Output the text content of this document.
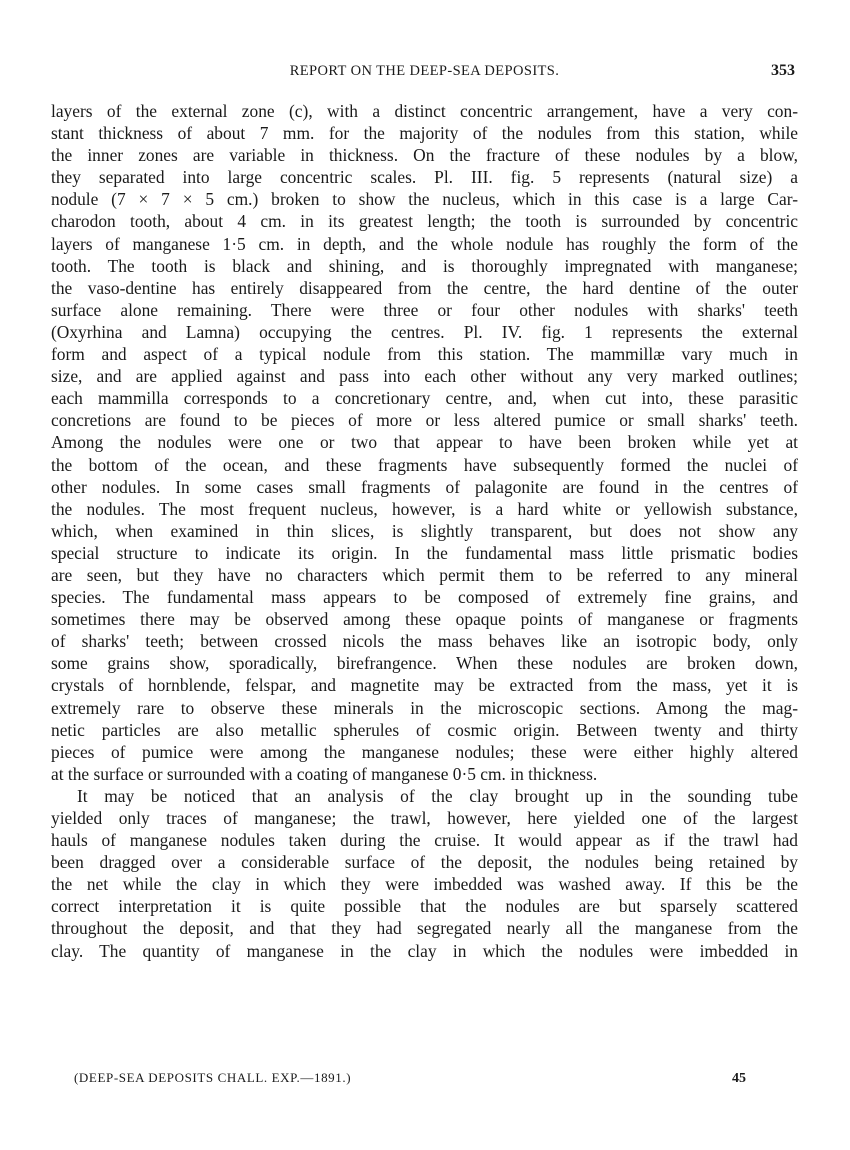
REPORT ON THE DEEP-SEA DEPOSITS.	353
layers of the external zone (c), with a distinct concentric arrangement, have a very con-
stant thickness of about 7 mm. for the majority of the nodules from this station, while
the inner zones are variable in thickness. On the fracture of these nodules by a blow,
they separated into large concentric scales. Pl. III. fig. 5 represents (natural size) a
nodule (7 × 7 × 5 cm.) broken to show the nucleus, which in this case is a large Car-
charodon tooth, about 4 cm. in its greatest length; the tooth is surrounded by concentric
layers of manganese 1·5 cm. in depth, and the whole nodule has roughly the form of the
tooth. The tooth is black and shining, and is thoroughly impregnated with manganese;
the vaso-dentine has entirely disappeared from the centre, the hard dentine of the outer
surface alone remaining. There were three or four other nodules with sharks' teeth
(Oxyrhina and Lamna) occupying the centres. Pl. IV. fig. 1 represents the external
form and aspect of a typical nodule from this station. The mammillæ vary much in
size, and are applied against and pass into each other without any very marked outlines;
each mammilla corresponds to a concretionary centre, and, when cut into, these parasitic
concretions are found to be pieces of more or less altered pumice or small sharks' teeth.
Among the nodules were one or two that appear to have been broken while yet at
the bottom of the ocean, and these fragments have subsequently formed the nuclei of
other nodules. In some cases small fragments of palagonite are found in the centres of
the nodules. The most frequent nucleus, however, is a hard white or yellowish substance,
which, when examined in thin slices, is slightly transparent, but does not show any
special structure to indicate its origin. In the fundamental mass little prismatic bodies
are seen, but they have no characters which permit them to be referred to any mineral
species. The fundamental mass appears to be composed of extremely fine grains, and
sometimes there may be observed among these opaque points of manganese or fragments
of sharks' teeth; between crossed nicols the mass behaves like an isotropic body, only
some grains show, sporadically, birefrangence. When these nodules are broken down,
crystals of hornblende, felspar, and magnetite may be extracted from the mass, yet it is
extremely rare to observe these minerals in the microscopic sections. Among the mag-
netic particles are also metallic spherules of cosmic origin. Between twenty and thirty
pieces of pumice were among the manganese nodules; these were either highly altered
at the surface or surrounded with a coating of manganese 0·5 cm. in thickness.
It may be noticed that an analysis of the clay brought up in the sounding tube
yielded only traces of manganese; the trawl, however, here yielded one of the largest
hauls of manganese nodules taken during the cruise. It would appear as if the trawl had
been dragged over a considerable surface of the deposit, the nodules being retained by
the net while the clay in which they were imbedded was washed away. If this be the
correct interpretation it is quite possible that the nodules are but sparsely scattered
throughout the deposit, and that they had segregated nearly all the manganese from the
clay. The quantity of manganese in the clay in which the nodules were imbedded in
(DEEP-SEA DEPOSITS CHALL. EXP.—1891.)	45
